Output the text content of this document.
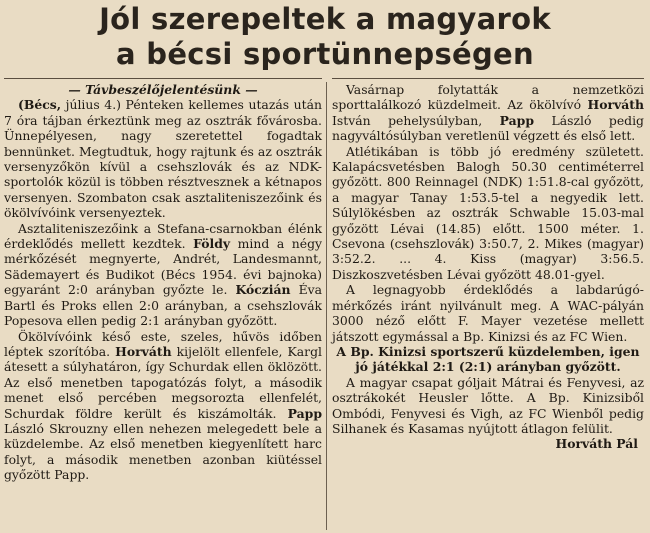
Jól szerepeltek a magyarok
a bécsi sportünnepségen

— Távbeszélőjelentésünk —

(Bécs, július 4.) Pénteken kellemes utazás után 7 óra tájban érkeztünk meg az osztrák fővárosba. Ünnepélyesen, nagy szeretettel fogadtak bennünket. Megtudtuk, hogy rajtunk és az osztrák versenyzőkön kívül a csehszlovák és az NDK-sportolók közül is többen résztvesznek a kétnapos versenyen. Szombaton csak asztaliteniszezőink és ökölvívóink versenyeztek.

Asztaliteniszezőink a Stefana-csarnokban élénk érdeklődés mellett kezdtek. Földy mind a négy mérkőzését megnyerte, Andrét, Landesmannt, Sädemayert és Budikot (Bécs 1954. évi bajnoka) egyaránt 2:0 arányban győzte le. Kóczián Éva Bartl és Proks ellen 2:0 arányban, a csehszlovák Popesova ellen pedig 2:1 arányban győzött.

Ökölvívóink késő este, szeles, hűvös időben léptek szorítóba. Horváth kijelölt ellenfele, Kargl átesett a súlyhatáron, így Schurdak ellen öklözött. Az első menetben tapogatózás folyt, a második menet első percében megsorozta ellenfelét, Schurdak földre került és kiszámolták. Papp László Skrouzny ellen nehezen melegedett bele a küzdelembe. Az első menetben kiegyenlített harc folyt, a második menetben azonban kiütéssel győzött Papp.

Vasárnap folytatták a nemzetközi sporttalálkozó küzdelmeit. Az ökölvívó Horváth István pehelysúlyban, Papp László pedig nagyváltósúlyban veretlenül végzett és első lett.

Atlétikában is több jó eredmény született. Kalapácsvetésben Balogh 50.30 centiméterrel győzött. 800 Reinnagel (NDK) 1:51.8-cal győzött, a magyar Tanay 1:53.5-tel a negyedik lett. Súlylökésben az osztrák Schwable 15.03-mal győzött Lévai (14.85) előtt. 1500 méter. 1. Csevona (csehszlovák) 3:50.7, 2. Mikes (magyar) 3:52.2. ... 4. Kiss (magyar) 3:56.5. Diszkoszvetésben Lévai győzött 48.01-gyel.

A legnagyobb érdeklődés a labdarúgó-mérkőzés iránt nyilvánult meg. A WAC-pályán 3000 néző előtt F. Mayer vezetése mellett játszott egymással a Bp. Kinizsi és az FC Wien.

A Bp. Kinizsi sportszerű küzdelemben, igen jó játékkal 2:1 (2:1) arányban győzött.

A magyar csapat góljait Mátrai és Fenyvesi, az osztrákokét Heusler lőtte. A Bp. Kinizsiből Ombódi, Fenyvesi és Vigh, az FC Wienből pedig Silhanek és Kasamas nyújtott átlagon felülit.

Horváth Pál
